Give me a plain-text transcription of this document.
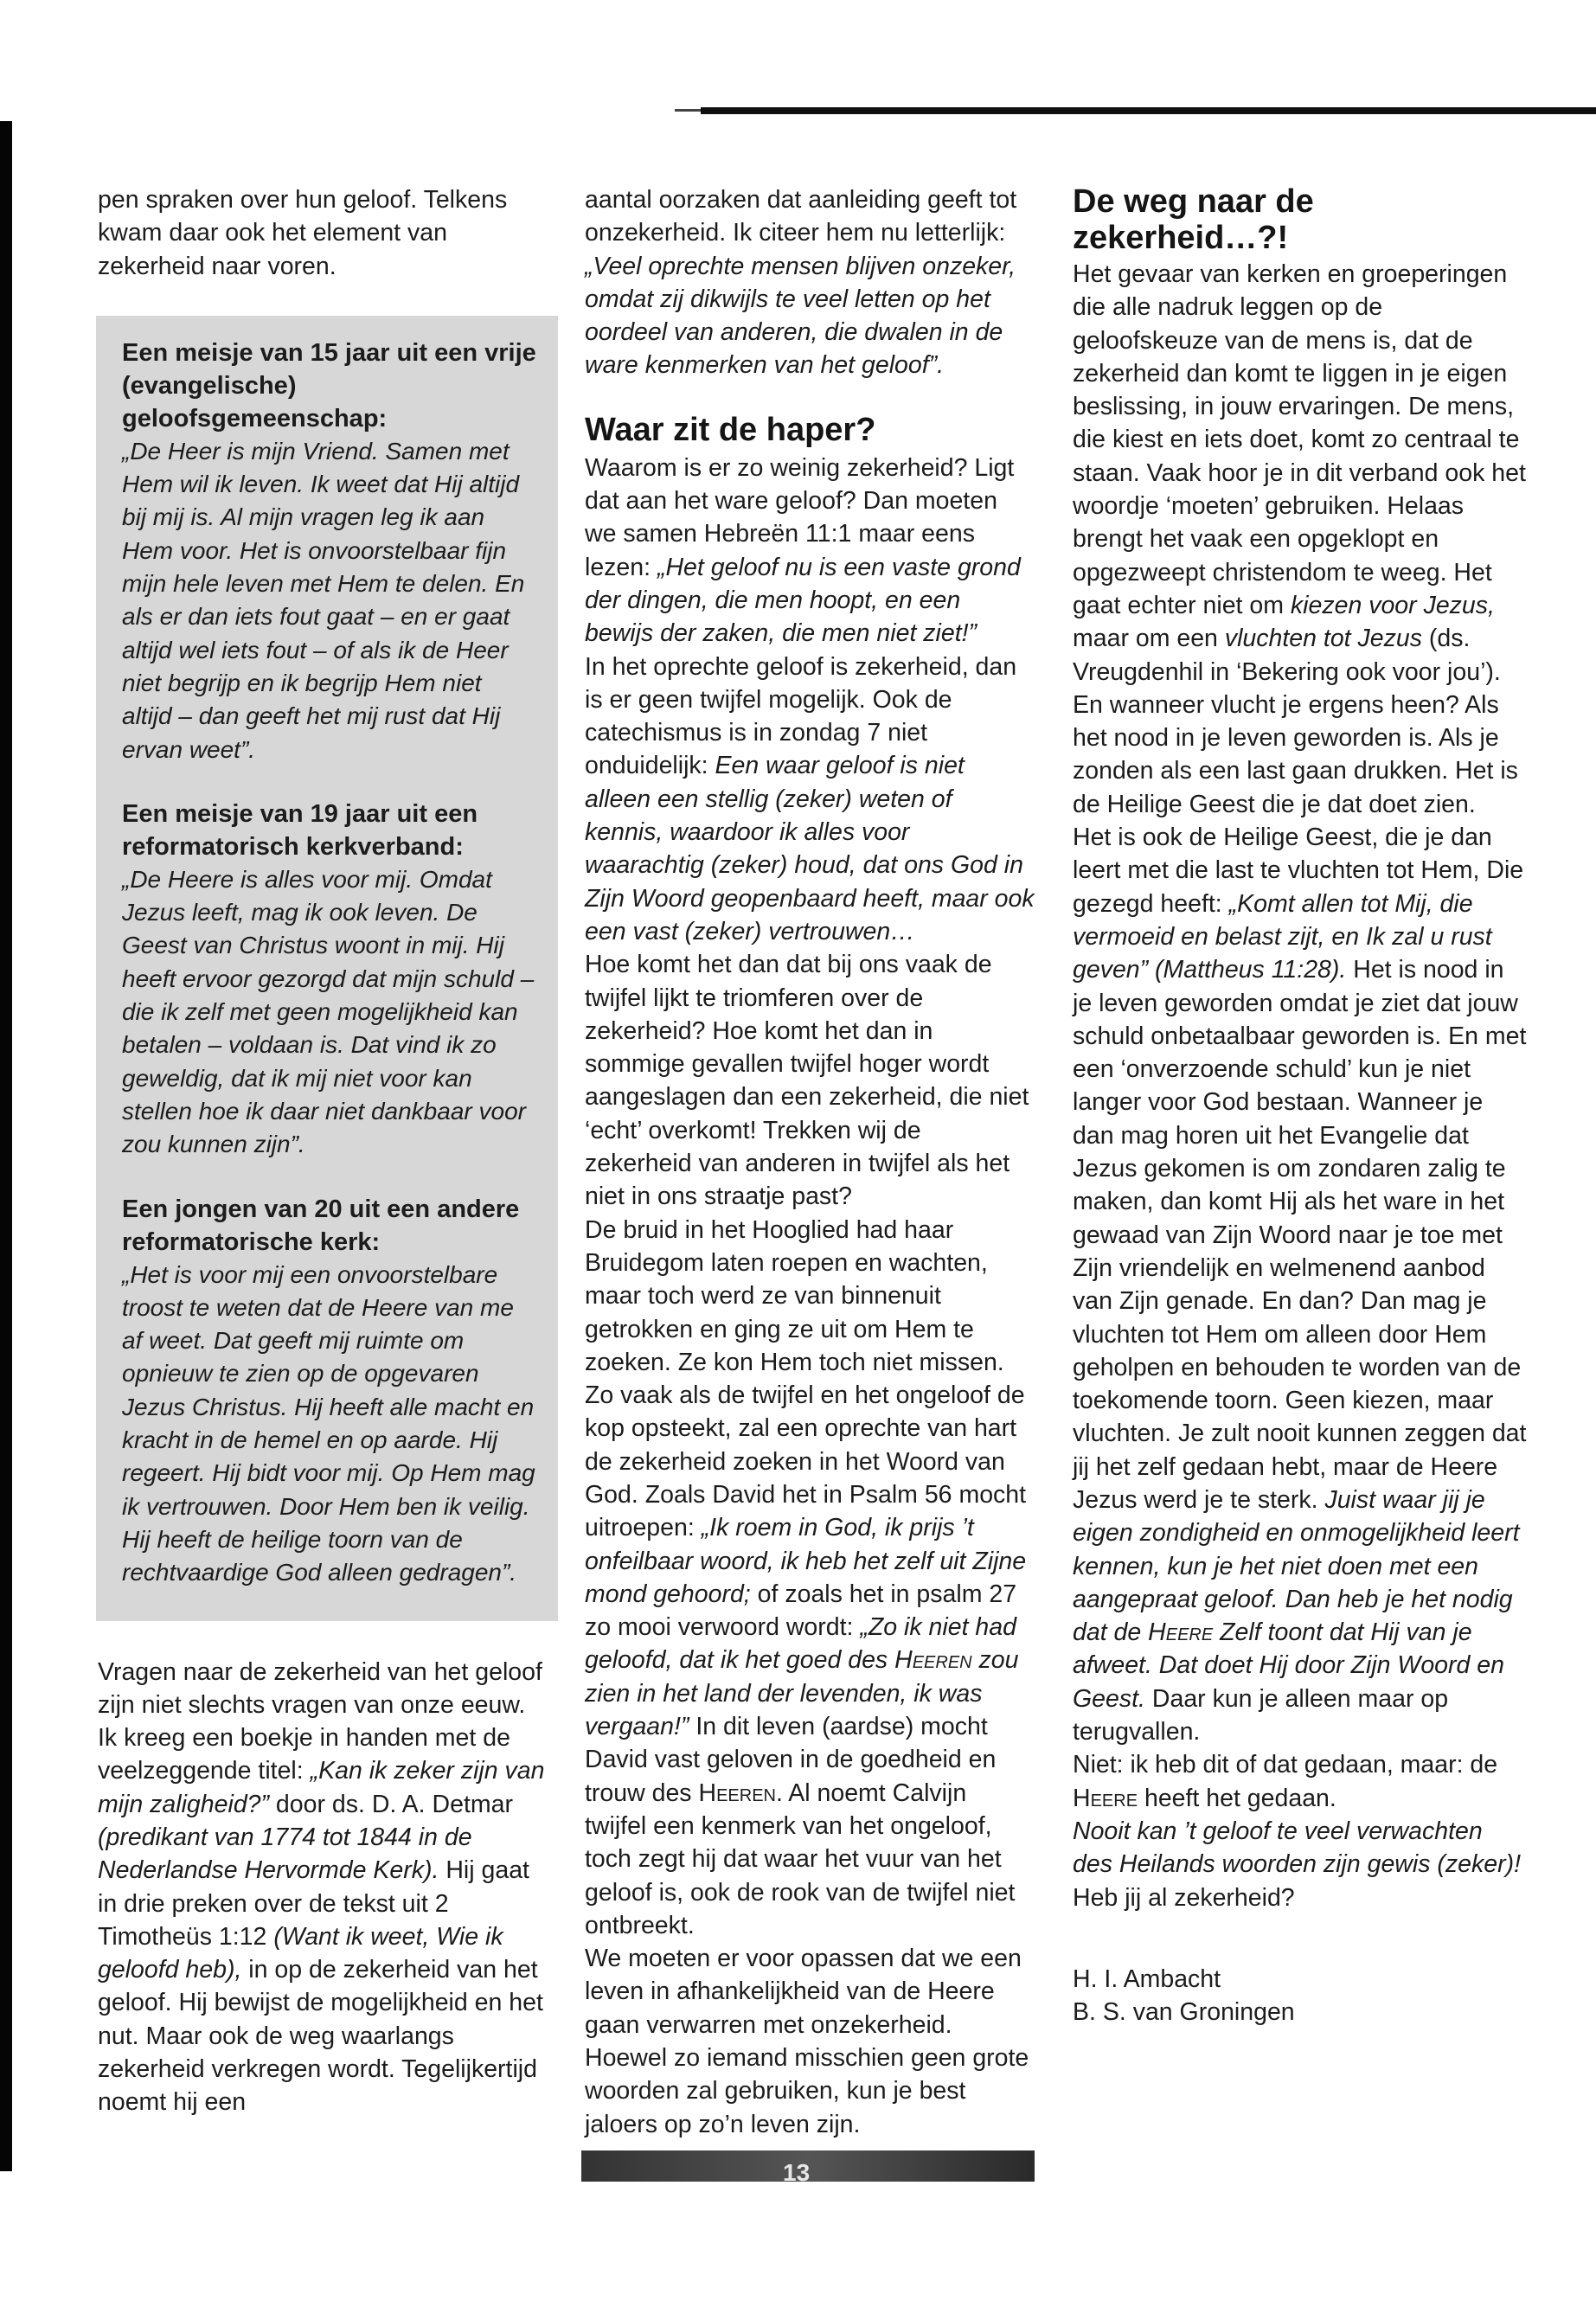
pen spraken over hun geloof. Telkens kwam daar ook het element van zekerheid naar voren.

Een meisje van 15 jaar uit een vrije (evangelische) geloofsgemeenschap:
„De Heer is mijn Vriend. Samen met Hem wil ik leven. Ik weet dat Hij altijd bij mij is. Al mijn vragen leg ik aan Hem voor. Het is onvoorstelbaar fijn mijn hele leven met Hem te delen. En als er dan iets fout gaat – en er gaat altijd wel iets fout – of als ik de Heer niet begrijp en ik begrijp Hem niet altijd – dan geeft het mij rust dat Hij ervan weet”.
Een meisje van 19 jaar uit een reformatorisch kerkverband:
„De Heere is alles voor mij. Omdat Jezus leeft, mag ik ook leven. De Geest van Christus woont in mij. Hij heeft ervoor gezorgd dat mijn schuld – die ik zelf met geen mogelijkheid kan betalen – voldaan is. Dat vind ik zo geweldig, dat ik mij niet voor kan stellen hoe ik daar niet dankbaar voor zou kunnen zijn”.
Een jongen van 20 uit een andere reformatorische kerk:
„Het is voor mij een onvoorstelbare troost te weten dat de Heere van me af weet. Dat geeft mij ruimte om opnieuw te zien op de opgevaren Jezus Christus. Hij heeft alle macht en kracht in de hemel en op aarde. Hij regeert. Hij bidt voor mij. Op Hem mag ik vertrouwen. Door Hem ben ik veilig. Hij heeft de heilige toorn van de rechtvaardige God alleen gedragen”.

Vragen naar de zekerheid van het geloof zijn niet slechts vragen van onze eeuw. Ik kreeg een boekje in handen met de veelzeggende titel: „Kan ik zeker zijn van mijn zaligheid?” door ds. D. A. Detmar (predikant van 1774 tot 1844 in de Nederlandse Hervormde Kerk). Hij gaat in drie preken over de tekst uit 2 Timotheüs 1:12 (Want ik weet, Wie ik geloofd heb), in op de zekerheid van het geloof. Hij bewijst de mogelijkheid en het nut. Maar ook de weg waarlangs zekerheid verkregen wordt. Tegelijkertijd noemt hij een

aantal oorzaken dat aanleiding geeft tot onzekerheid. Ik citeer hem nu letterlijk: „Veel oprechte mensen blijven onzeker, omdat zij dikwijls te veel letten op het oordeel van anderen, die dwalen in de ware kenmerken van het geloof”.

Waar zit de haper?

Waarom is er zo weinig zekerheid? Ligt dat aan het ware geloof? Dan moeten we samen Hebreën 11:1 maar eens lezen: „Het geloof nu is een vaste grond der dingen, die men hoopt, en een bewijs der zaken, die men niet ziet!”

In het oprechte geloof is zekerheid, dan is er geen twijfel mogelijk. Ook de catechismus is in zondag 7 niet onduidelijk: Een waar geloof is niet alleen een stellig (zeker) weten of kennis, waardoor ik alles voor waarachtig (zeker) houd, dat ons God in Zijn Woord geopenbaard heeft, maar ook een vast (zeker) vertrouwen…

Hoe komt het dan dat bij ons vaak de twijfel lijkt te triomferen over de zekerheid? Hoe komt het dan in sommige gevallen twijfel hoger wordt aangeslagen dan een zekerheid, die niet ‘echt’ overkomt! Trekken wij de zekerheid van anderen in twijfel als het niet in ons straatje past?

De bruid in het Hooglied had haar Bruidegom laten roepen en wachten, maar toch werd ze van binnenuit getrokken en ging ze uit om Hem te zoeken. Ze kon Hem toch niet missen. Zo vaak als de twijfel en het ongeloof de kop opsteekt, zal een oprechte van hart de zekerheid zoeken in het Woord van God. Zoals David het in Psalm 56 mocht uitroepen: „Ik roem in God, ik prijs ’t onfeilbaar woord, ik heb het zelf uit Zijne mond gehoord; of zoals het in psalm 27 zo mooi verwoord wordt: „Zo ik niet had geloofd, dat ik het goed des Heeren zou zien in het land der levenden, ik was vergaan!” In dit leven (aardse) mocht David vast geloven in de goedheid en trouw des Heeren. Al noemt Calvijn twijfel een kenmerk van het ongeloof, toch zegt hij dat waar het vuur van het geloof is, ook de rook van de twijfel niet ontbreekt.

We moeten er voor opassen dat we een leven in afhankelijkheid van de Heere gaan verwarren met onzekerheid. Hoewel zo iemand misschien geen grote woorden zal gebruiken, kun je best jaloers op zo’n leven zijn.

De weg naar de zekerheid…?!

Het gevaar van kerken en groeperingen die alle nadruk leggen op de geloofskeuze van de mens is, dat de zekerheid dan komt te liggen in je eigen beslissing, in jouw ervaringen. De mens, die kiest en iets doet, komt zo centraal te staan. Vaak hoor je in dit verband ook het woordje ‘moeten’ gebruiken. Helaas brengt het vaak een opgeklopt en opgezweept christendom te weeg. Het gaat echter niet om kiezen voor Jezus, maar om een vluchten tot Jezus (ds. Vreugdenhil in ‘Bekering ook voor jou’).

En wanneer vlucht je ergens heen? Als het nood in je leven geworden is. Als je zonden als een last gaan drukken. Het is de Heilige Geest die je dat doet zien.

Het is ook de Heilige Geest, die je dan leert met die last te vluchten tot Hem, Die gezegd heeft: „Komt allen tot Mij, die vermoeid en belast zijt, en Ik zal u rust geven” (Mattheus 11:28). Het is nood in je leven geworden omdat je ziet dat jouw schuld onbetaalbaar geworden is. En met een ‘onverzoende schuld’ kun je niet langer voor God bestaan. Wanneer je dan mag horen uit het Evangelie dat Jezus gekomen is om zondaren zalig te maken, dan komt Hij als het ware in het gewaad van Zijn Woord naar je toe met Zijn vriendelijk en welmenend aanbod van Zijn genade. En dan? Dan mag je vluchten tot Hem om alleen door Hem geholpen en behouden te worden van de toekomende toorn. Geen kiezen, maar vluchten. Je zult nooit kunnen zeggen dat jij het zelf gedaan hebt, maar de Heere Jezus werd je te sterk. Juist waar jij je eigen zondigheid en onmogelijkheid leert kennen, kun je het niet doen met een aangepraat geloof. Dan heb je het nodig dat de Heere Zelf toont dat Hij van je afweet. Dat doet Hij door Zijn Woord en Geest. Daar kun je alleen maar op terugvallen.

Niet: ik heb dit of dat gedaan, maar: de Heere heeft het gedaan.

Nooit kan ’t geloof te veel verwachten des Heilands woorden zijn gewis (zeker)!

Heb jij al zekerheid?

H. I. Ambacht

B. S. van Groningen

13
